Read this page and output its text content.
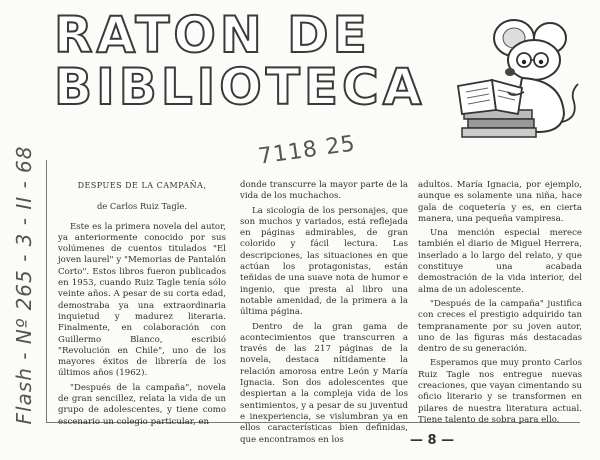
RATON DE
BIBLIOTECA
Flash - Nº 265 - 3 - II - 68	7118 25
DESPUES DE LA CAMPAÑA,
de Carlos Ruiz Tagle.

Este es la primera novela del autor, ya anteriormente conocido por sus volúmenes de cuentos titulados "El joven laurel" y "Memorias de Pantalón Corto". Estos libros fueron publicados en 1953, cuando Ruiz Tagle tenía sólo veinte años. A pesar de su corta edad, demostraba ya una extraordinaria inquietud y madurez literaria. Finalmente, en colaboración con Guillermo Blanco, escribió "Revolución en Chile", uno de los mayores éxitos de librería de los últimos años (1962).

"Después de la campaña", novela de gran sencillez, relata la vida de un grupo de adolescentes, y tiene como escenario un colegio particular, en

donde transcurre la mayor parte de la vida de los muchachos.

La sicología de los personajes, que son muchos y variados, está reflejada en páginas admirables, de gran colorido y fácil lectura. Las descripciones, las situaciones en que actúan los protagonistas, están teñidas de una suave nota de humor e ingenio, que presta al libro una notable amenidad, de la primera a la última página.

Dentro de la gran gama de acontecimientos que transcurren a través de las 217 páginas de la novela, destaca nítidamente la relación amorosa entre León y María Ignacia. Son dos adolescentes que despiertan a la compleja vida de los sentimientos, y a pesar de su juventud e inexperiencia, se vislumbran ya en ellos características bien definidas, que encontramos en los

adultos. María Ignacia, por ejemplo, aunque es solamente una niña, hace gala de coquetería y es, en cierta manera, una pequeña vampiresa.

Una mención especial merece también el diario de Miguel Herrera, inserlado a lo largo del relato, y que constituye una acabada demostración de la vida interior, del alma de un adolescente.

"Después de la campaña" justifica con creces el prestigio adquirido tan tempranamente por su joven autor, uno de las figuras más destacadas dentro de su generación.

Esperamos que muy pronto Carlos Ruiz Tagle nos entregue nuevas creaciones, que vayan cimentando su oficio literario y se transformen en pilares de nuestra literatura actual. Tiene talento de sobra para ello.

— 8 —
